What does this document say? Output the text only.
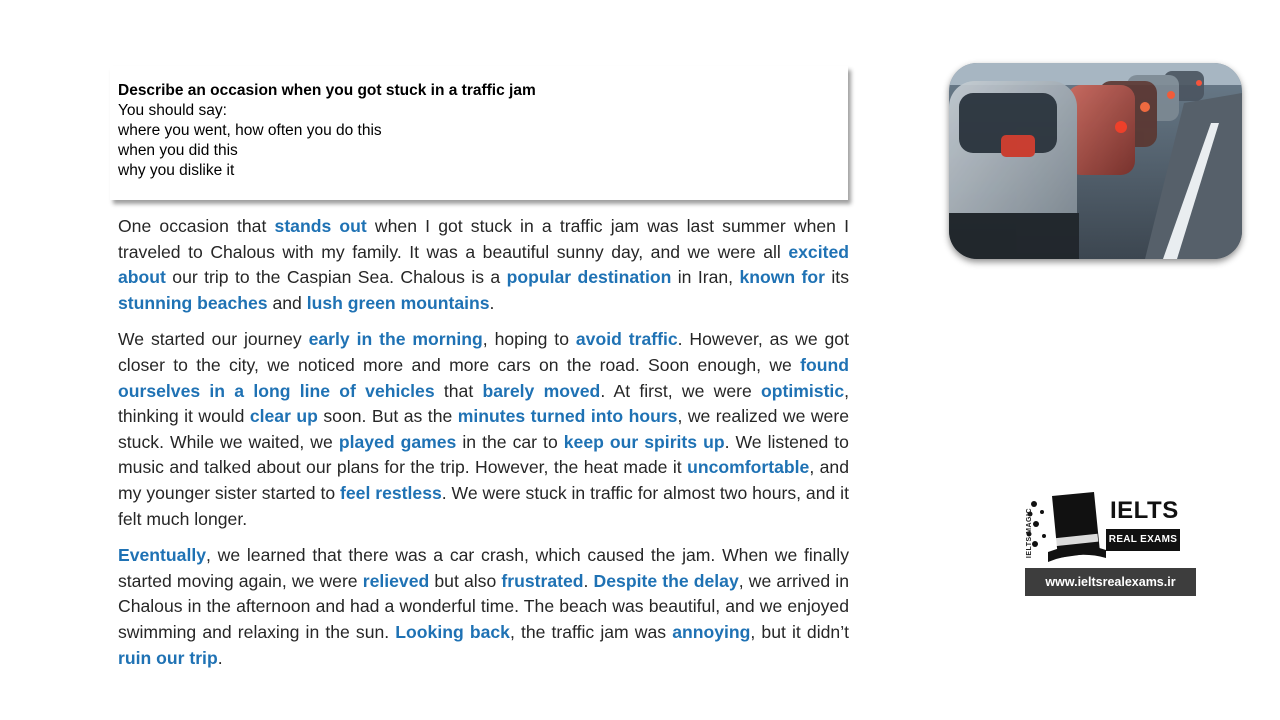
Describe an occasion when you got stuck in a traffic jam
You should say:
where you went, how often you do this
when you did this
why you dislike it

One occasion that stands out when I got stuck in a traffic jam was last summer when I traveled to Chalous with my family. It was a beautiful sunny day, and we were all excited about our trip to the Caspian Sea. Chalous is a popular destination in Iran, known for its stunning beaches and lush green mountains.

We started our journey early in the morning, hoping to avoid traffic. However, as we got closer to the city, we noticed more and more cars on the road. Soon enough, we found ourselves in a long line of vehicles that barely moved. At first, we were optimistic, thinking it would clear up soon. But as the minutes turned into hours, we realized we were stuck. While we waited, we played games in the car to keep our spirits up. We listened to music and talked about our plans for the trip. However, the heat made it uncomfortable, and my younger sister started to feel restless. We were stuck in traffic for almost two hours, and it felt much longer.

Eventually, we learned that there was a car crash, which caused the jam. When we finally started moving again, we were relieved but also frustrated. Despite the delay, we arrived in Chalous in the afternoon and had a wonderful time. The beach was beautiful, and we enjoyed swimming and relaxing in the sun. Looking back, the traffic jam was annoying, but it didn’t ruin our trip.

IELTS MAGIC	IELTS
REAL EXAMS
www.ieltsrealexams.ir
